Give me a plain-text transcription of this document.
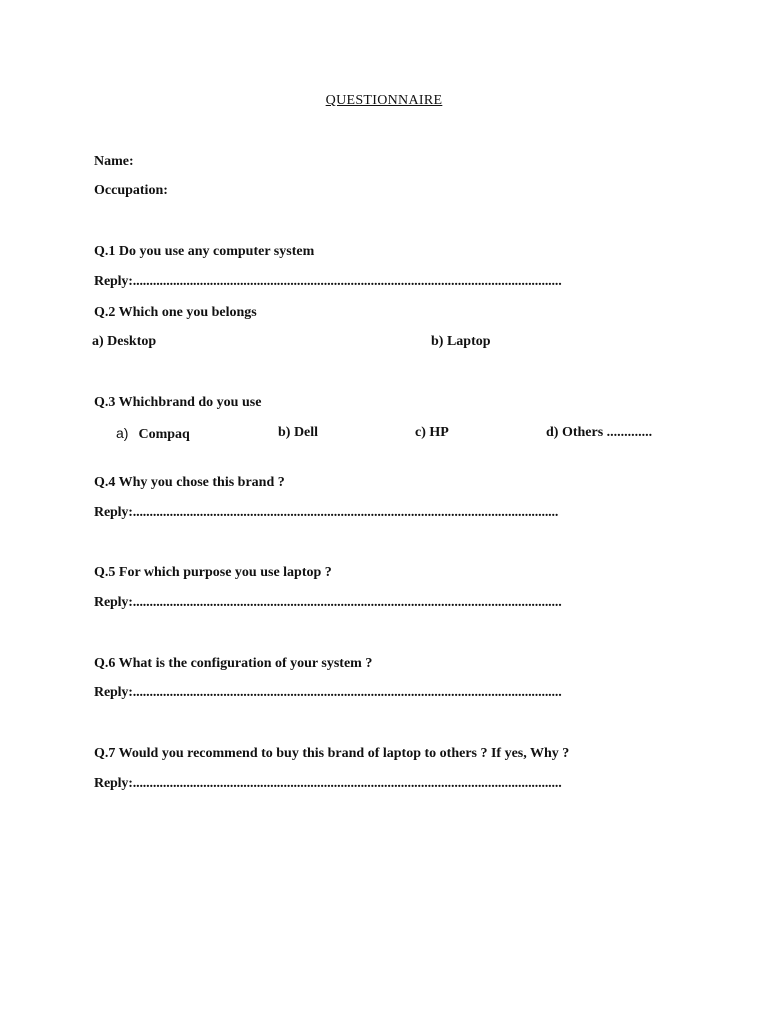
QUESTIONNAIRE
Name:
Occupation:
Q.1 Do you use any computer system
Reply:................................................................................................................................
Q.2 Which one you belongs
a) Desktop	b) Laptop
Q.3 Whichbrand do you use
a) Compaq	b) Dell	c) HP	d) Others .............
Q.4 Why you chose this brand ?
Reply:...............................................................................................................................
Q.5 For which purpose you use laptop ?
Reply:................................................................................................................................
Q.6 What is the configuration of your system ?
Reply:................................................................................................................................
Q.7 Would you recommend to buy this brand of laptop to others ? If yes, Why ?
Reply:................................................................................................................................
